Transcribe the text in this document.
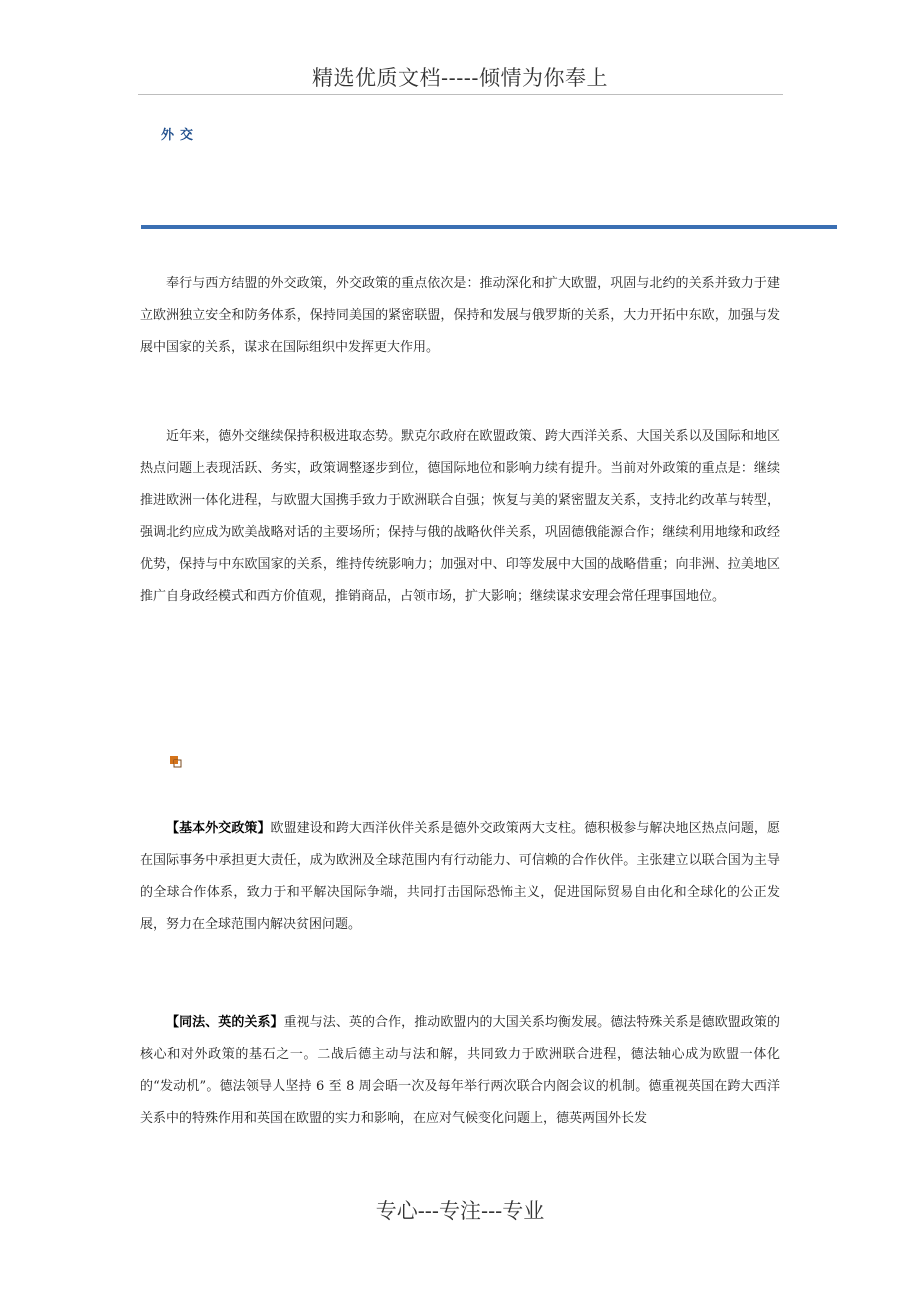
精选优质文档-----倾情为你奉上
外交

奉行与西方结盟的外交政策，外交政策的重点依次是：推动深化和扩大欧盟，巩固与北约的关系并致力于建立欧洲独立安全和防务体系，保持同美国的紧密联盟，保持和发展与俄罗斯的关系，大力开拓中东欧，加强与发展中国家的关系，谋求在国际组织中发挥更大作用。

近年来，德外交继续保持积极进取态势。默克尔政府在欧盟政策、跨大西洋关系、大国关系以及国际和地区热点问题上表现活跃、务实，政策调整逐步到位，德国际地位和影响力续有提升。当前对外政策的重点是：继续推进欧洲一体化进程，与欧盟大国携手致力于欧洲联合自强；恢复与美的紧密盟友关系，支持北约改革与转型，强调北约应成为欧美战略对话的主要场所；保持与俄的战略伙伴关系，巩固德俄能源合作；继续利用地缘和政经优势，保持与中东欧国家的关系，维持传统影响力；加强对中、印等发展中大国的战略借重；向非洲、拉美地区推广自身政经模式和西方价值观，推销商品，占领市场，扩大影响；继续谋求安理会常任理事国地位。

【基本外交政策】欧盟建设和跨大西洋伙伴关系是德外交政策两大支柱。德积极参与解决地区热点问题，愿在国际事务中承担更大责任，成为欧洲及全球范围内有行动能力、可信赖的合作伙伴。主张建立以联合国为主导的全球合作体系，致力于和平解决国际争端，共同打击国际恐怖主义，促进国际贸易自由化和全球化的公正发展，努力在全球范围内解决贫困问题。

【同法、英的关系】重视与法、英的合作，推动欧盟内的大国关系均衡发展。德法特殊关系是德欧盟政策的核心和对外政策的基石之一。二战后德主动与法和解，共同致力于欧洲联合进程，德法轴心成为欧盟一体化的“发动机”。德法领导人坚持 6 至 8 周会晤一次及每年举行两次联合内阁会议的机制。德重视英国在跨大西洋关系中的特殊作用和英国在欧盟的实力和影响，在应对气候变化问题上，德英两国外长发

专心---专注---专业
